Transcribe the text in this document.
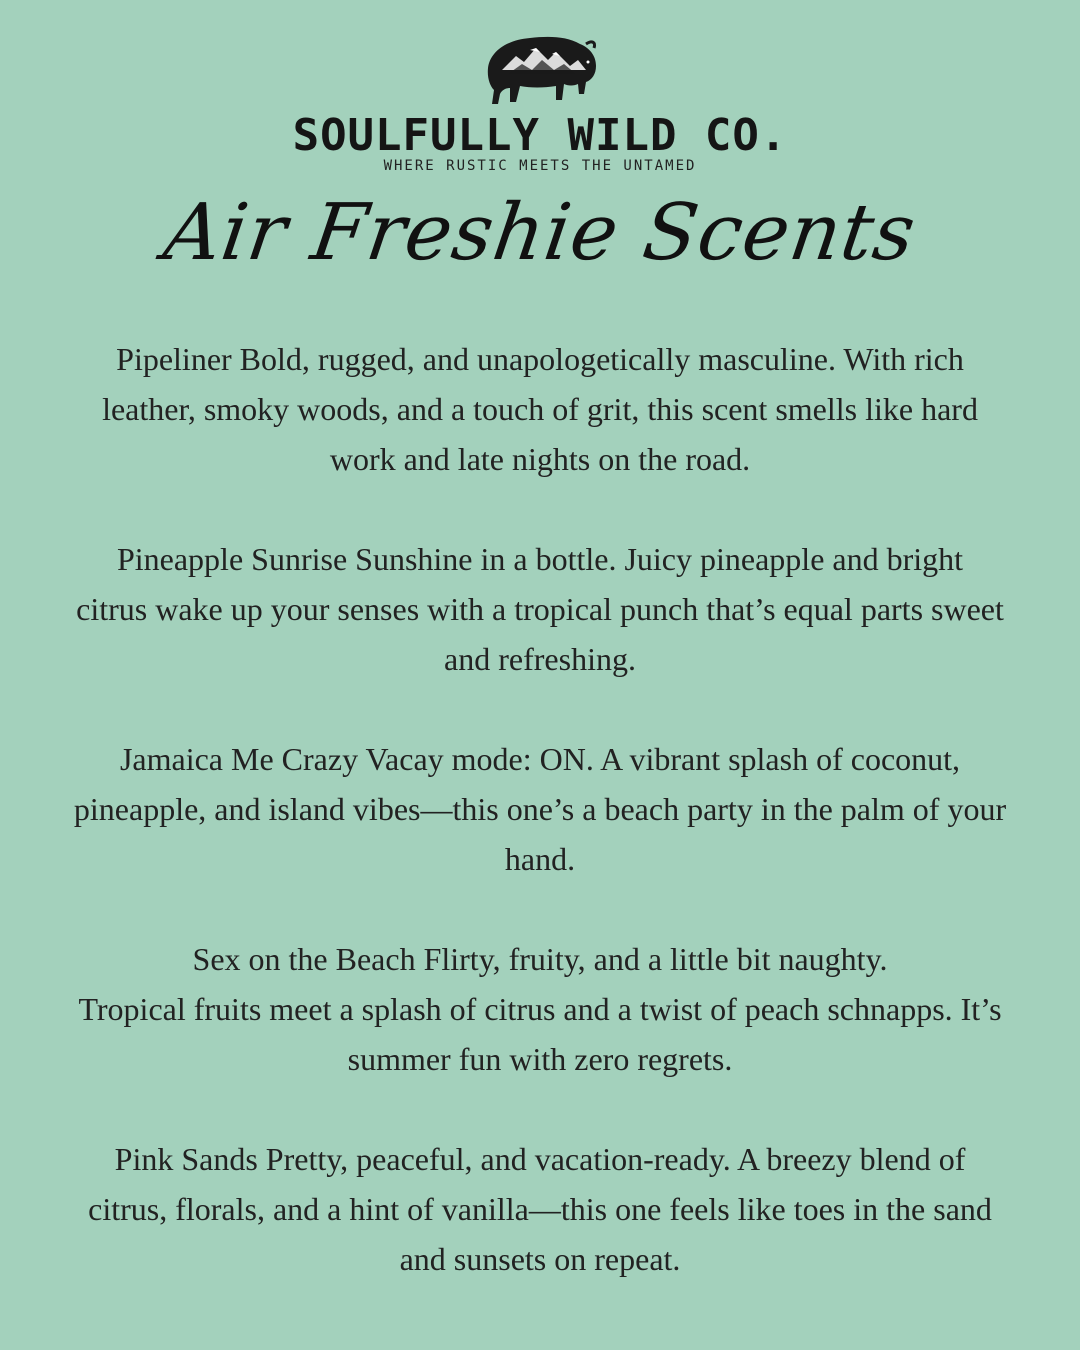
SOULFULLY WILD CO.
WHERE RUSTIC MEETS THE UNTAMED
Air Freshie Scents
Pipeliner Bold, rugged, and unapologetically masculine. With rich
leather, smoky woods, and a touch of grit, this scent smells like hard
work and late nights on the road.
Pineapple Sunrise Sunshine in a bottle. Juicy pineapple and bright
citrus wake up your senses with a tropical punch that’s equal parts sweet
and refreshing.
Jamaica Me Crazy Vacay mode: ON. A vibrant splash of coconut,
pineapple, and island vibes—this one’s a beach party in the palm of your
hand.
Sex on the Beach Flirty, fruity, and a little bit naughty.
Tropical fruits meet a splash of citrus and a twist of peach schnapps. It’s
summer fun with zero regrets.
Pink Sands Pretty, peaceful, and vacation-ready. A breezy blend of
citrus, florals, and a hint of vanilla—this one feels like toes in the sand
and sunsets on repeat.
